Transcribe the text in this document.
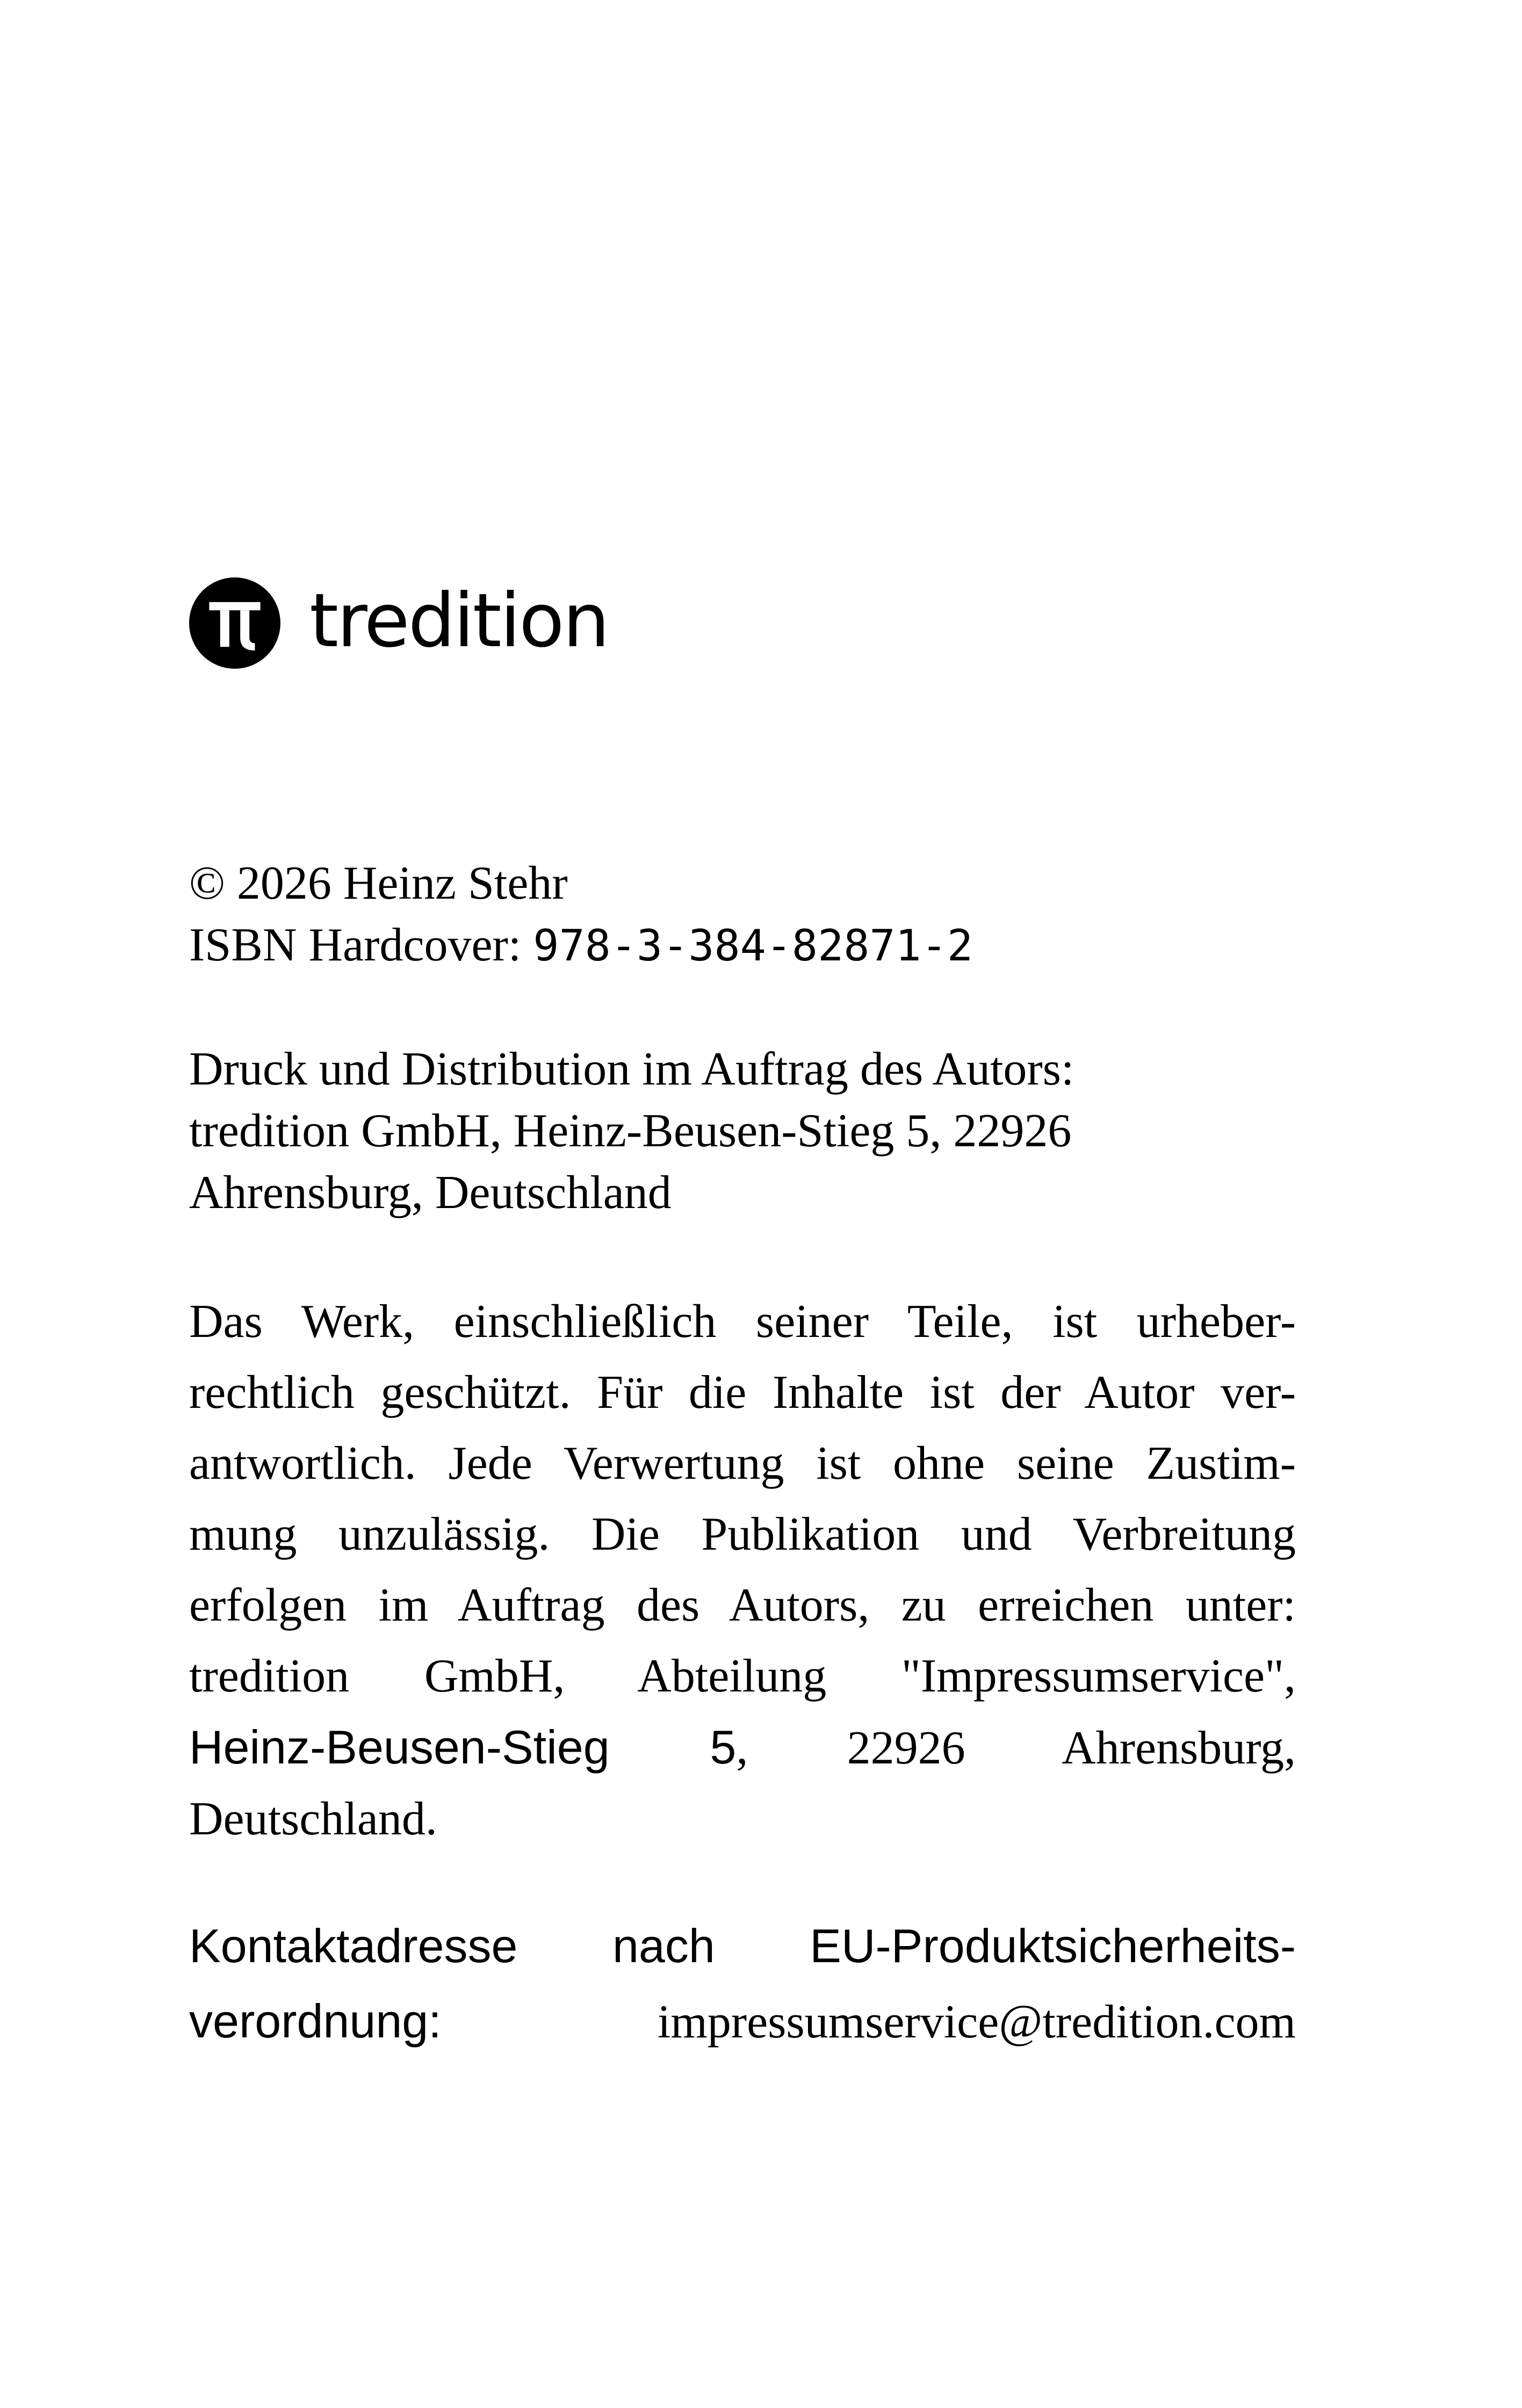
tredition
© 2026 Heinz Stehr
ISBN Hardcover: 978-3-384-82871-2
Druck und Distribution im Auftrag des Autors:
tredition GmbH, Heinz-Beusen-Stieg 5, 22926
Ahrensburg, Deutschland
Das Werk, einschließlich seiner Teile, ist urheber-
rechtlich geschützt. Für die Inhalte ist der Autor ver-
antwortlich. Jede Verwertung ist ohne seine Zustim-
mung unzulässig. Die Publikation und Verbreitung
erfolgen im Auftrag des Autors, zu erreichen unter:
tredition GmbH, Abteilung "Impressumservice",
Heinz-Beusen-Stieg 5, 22926 Ahrensburg,
Deutschland.
Kontaktadresse nach EU-Produktsicherheits-
verordnung:	impressumservice@tredition.com
